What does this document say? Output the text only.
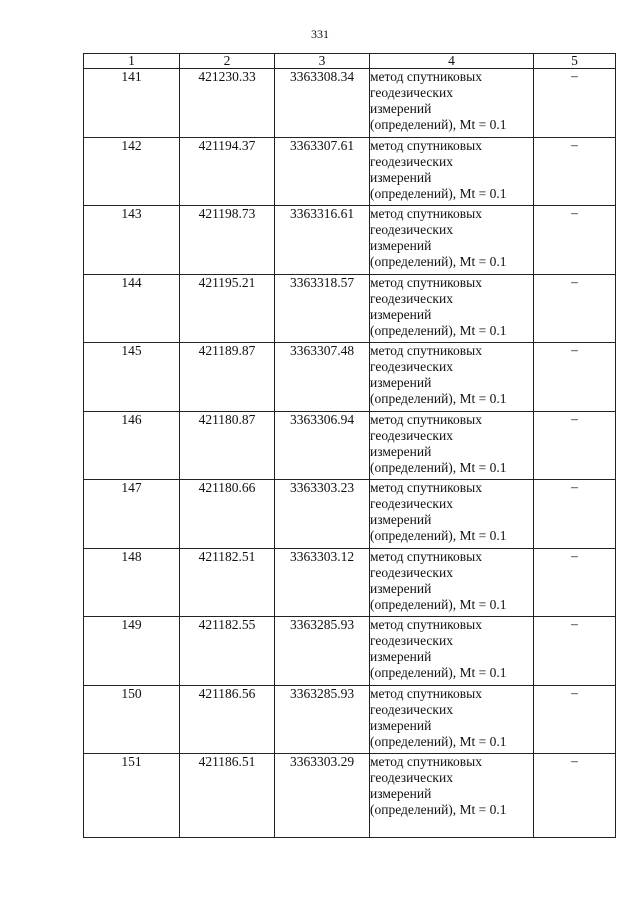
331
1	2	3	4	5
141	421230.33	3363308.34	метод спутниковых
геодезических
измерений
(определений), Mt = 0.1	–
142	421194.37	3363307.61	метод спутниковых
геодезических
измерений
(определений), Mt = 0.1	–
143	421198.73	3363316.61	метод спутниковых
геодезических
измерений
(определений), Mt = 0.1	–
144	421195.21	3363318.57	метод спутниковых
геодезических
измерений
(определений), Mt = 0.1	–
145	421189.87	3363307.48	метод спутниковых
геодезических
измерений
(определений), Mt = 0.1	–
146	421180.87	3363306.94	метод спутниковых
геодезических
измерений
(определений), Mt = 0.1	–
147	421180.66	3363303.23	метод спутниковых
геодезических
измерений
(определений), Mt = 0.1	–
148	421182.51	3363303.12	метод спутниковых
геодезических
измерений
(определений), Mt = 0.1	–
149	421182.55	3363285.93	метод спутниковых
геодезических
измерений
(определений), Mt = 0.1	–
150	421186.56	3363285.93	метод спутниковых
геодезических
измерений
(определений), Mt = 0.1	–
151	421186.51	3363303.29	метод спутниковых
геодезических
измерений
(определений), Mt = 0.1	–
